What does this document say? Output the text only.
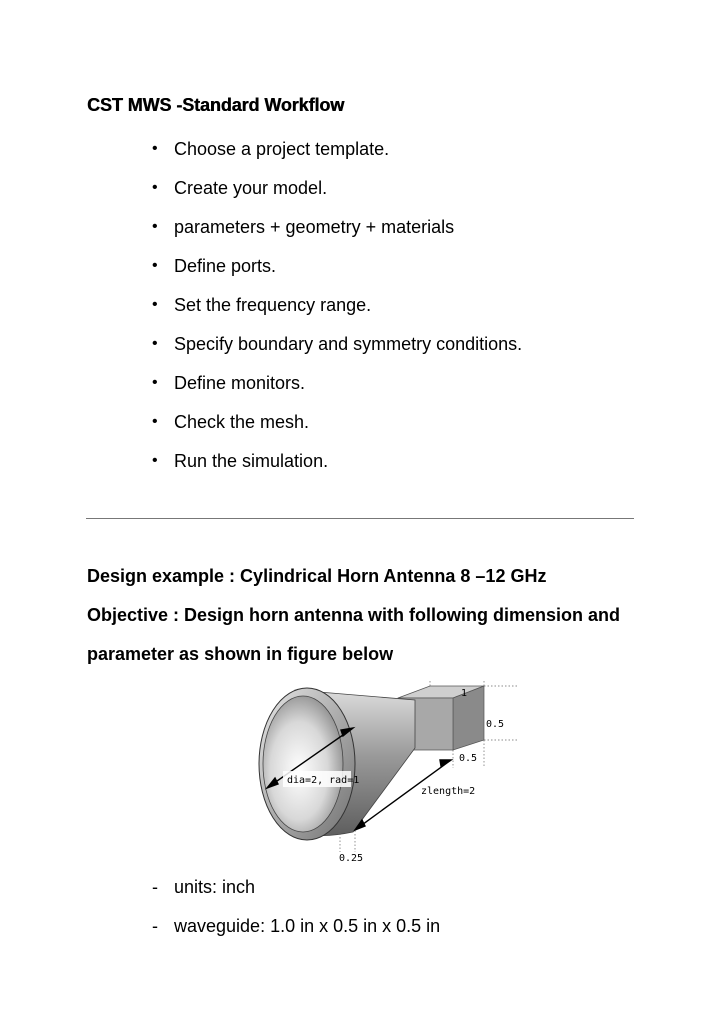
CST MWS -Standard Workflow
• Choose a project template.
• Create your model.
• parameters + geometry + materials
• Define ports.
• Set the frequency range.
• Specify boundary and symmetry conditions.
• Define monitors.
• Check the mesh.
• Run the simulation.
Design example : Cylindrical Horn Antenna 8 –12 GHz
Objective : Design horn antenna with following dimension and
parameter as shown in figure below
1
0.5
0.5
dia=2, rad=1
zlength=2
0.25
- units: inch
- waveguide: 1.0 in x 0.5 in x 0.5 in
